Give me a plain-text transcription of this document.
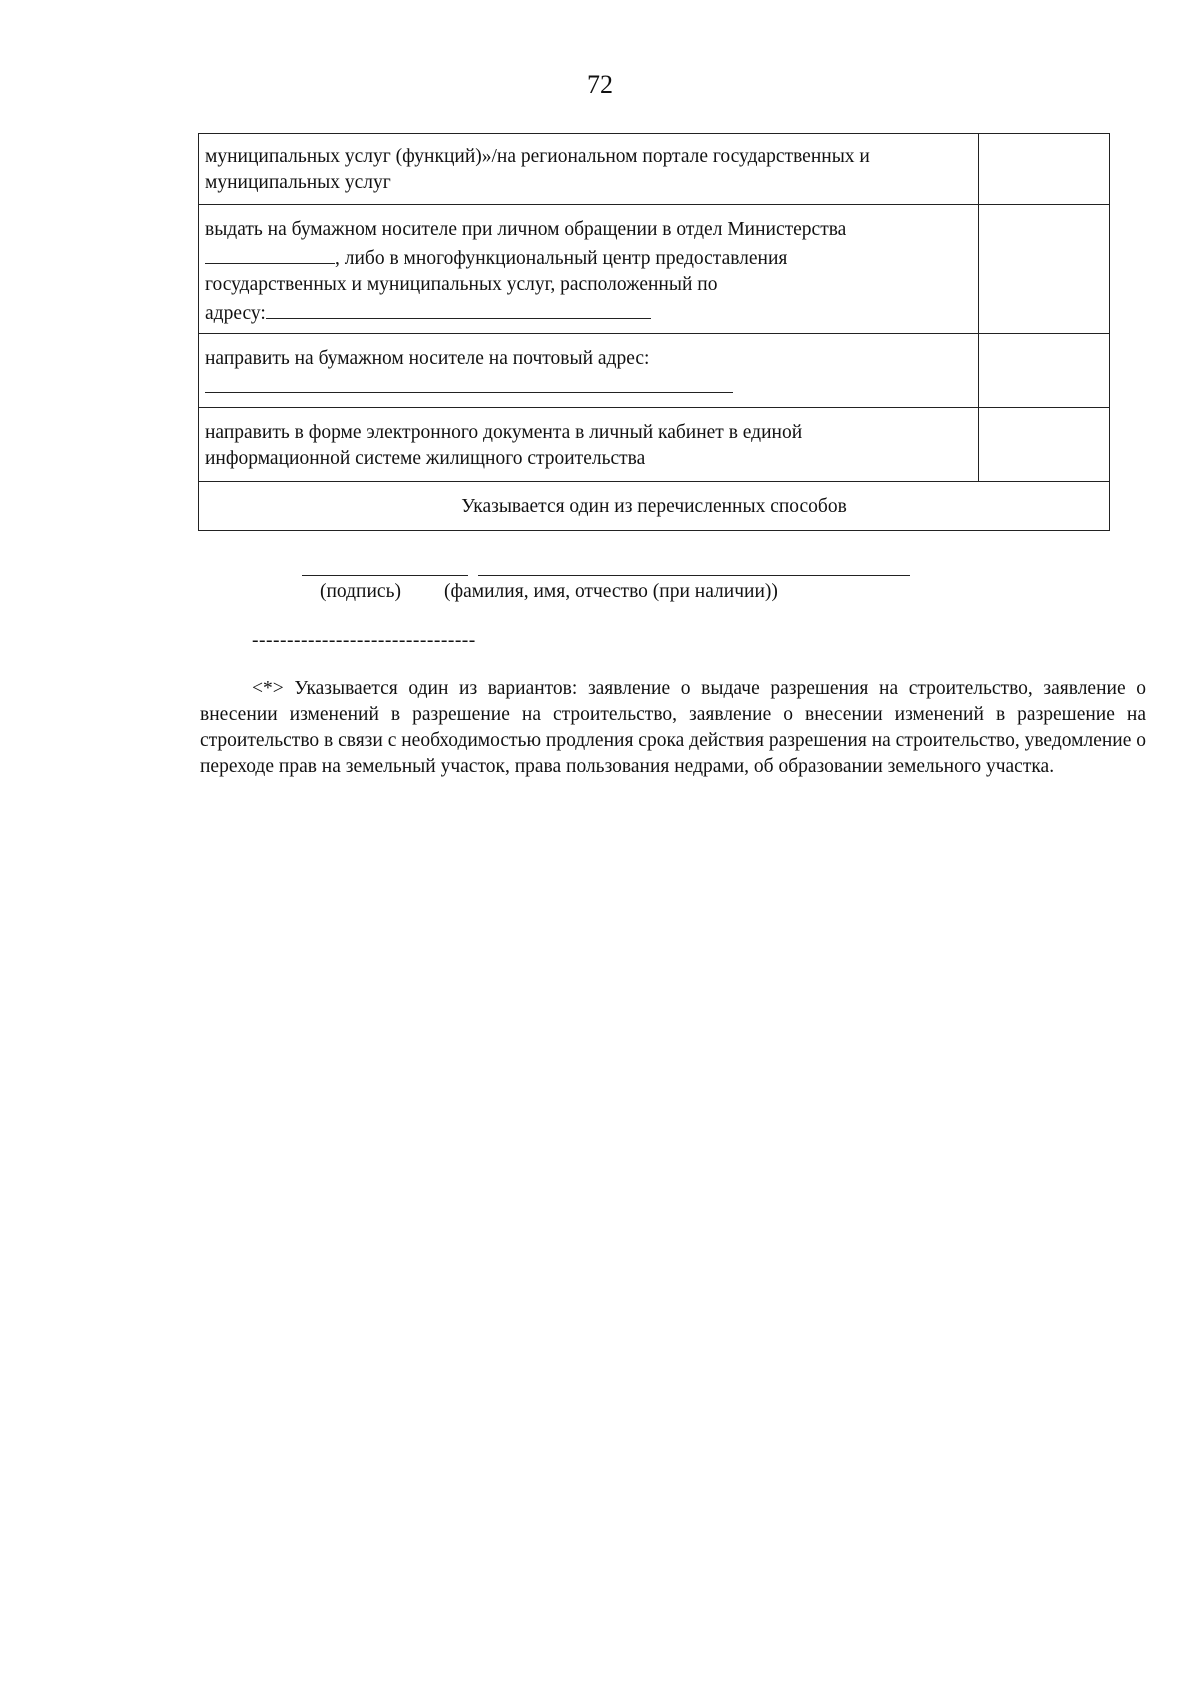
72
муниципальных услуг (функций)»/на региональном портале государственных и
муниципальных услуг	

выдать на бумажном носителе при личном обращении в отдел Министерства
, либо в многофункциональный центр предоставления
государственных и муниципальных услуг, расположенный по
адресу:	

направить на бумажном носителе на почтовый адрес:	

направить в форме электронного документа в личный кабинет в единой
информационной системе жилищного строительства	

Указывается один из перечисленных способов	
(подпись) (фамилия, имя, отчество (при наличии))
--------------------------------

<*> Указывается один из вариантов: заявление о выдаче разрешения на строительство, заявление о внесении изменений в разрешение на строительство, заявление о внесении изменений в разрешение на строительство в связи с необходимостью продления срока действия разрешения на строительство, уведомление о переходе прав на земельный участок, права пользования недрами, об образовании земельного участка.
